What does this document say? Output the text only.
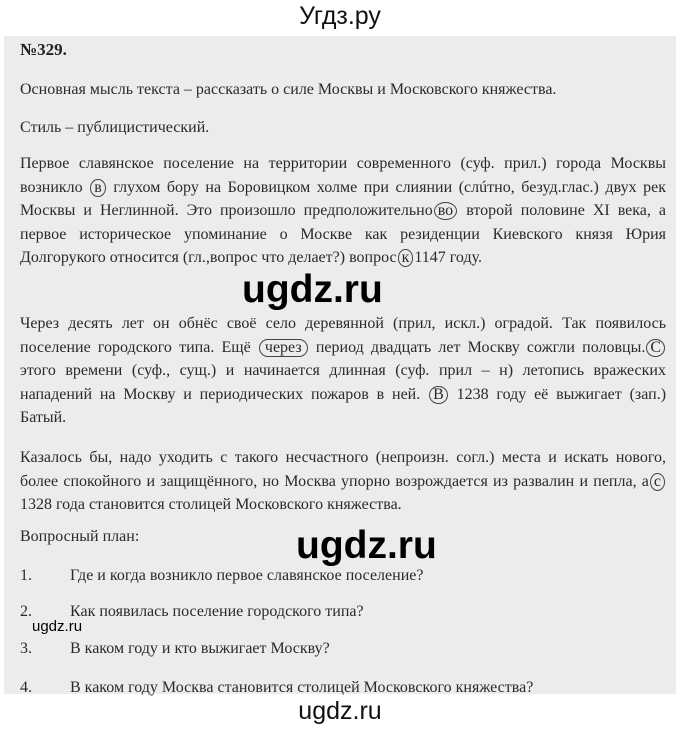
Угдз.ру
№329.

Основная мысль текста – рассказать о силе Москвы и Московского княжества.

Стиль – публицистический.

Первое славянское поселение на территории современного (суф. прил.) города Москвы возникло в глухом бору на Боровицком холме при слиянии (слúтно, безуд.глас.) двух рек Москвы и Неглинной. Это произошло предположительно во второй половине XI века, а первое историческое упоминание о Москве как резиденции Киевского князя Юрия Долгорукого относится (гл.,вопрос что делает?) вопрос к 1147 году.

Через десять лет он обнёс своё село деревянной (прил, искл.) оградой. Так появилось поселение городского типа. Ещё через период двадцать лет Москву сожгли половцы. Сэтого времени (суф., сущ.) и начинается длинная (суф. прил – н) летопись вражеских нападений на Москву и периодических пожаров в ней. В 1238 году её выжигает (зап.) Батый.

Казалось бы, надо уходить с такого несчастного (непроизн. согл.) места и искать нового, более спокойного и защищённого, но Москва упорно возрождается из развалин и пепла, а с1328 года становится столицей Московского княжества.

Вопросный план:
1. Где и когда возникло первое славянское поселение?
2. Как появилась поселение городского типа?
3. В каком году и кто выжигает Москву?
4. В каком году Москва становится столицей Московского княжества?
ugdz.ru
ugdz.ru
ugdz.ru
ugdz.ru
